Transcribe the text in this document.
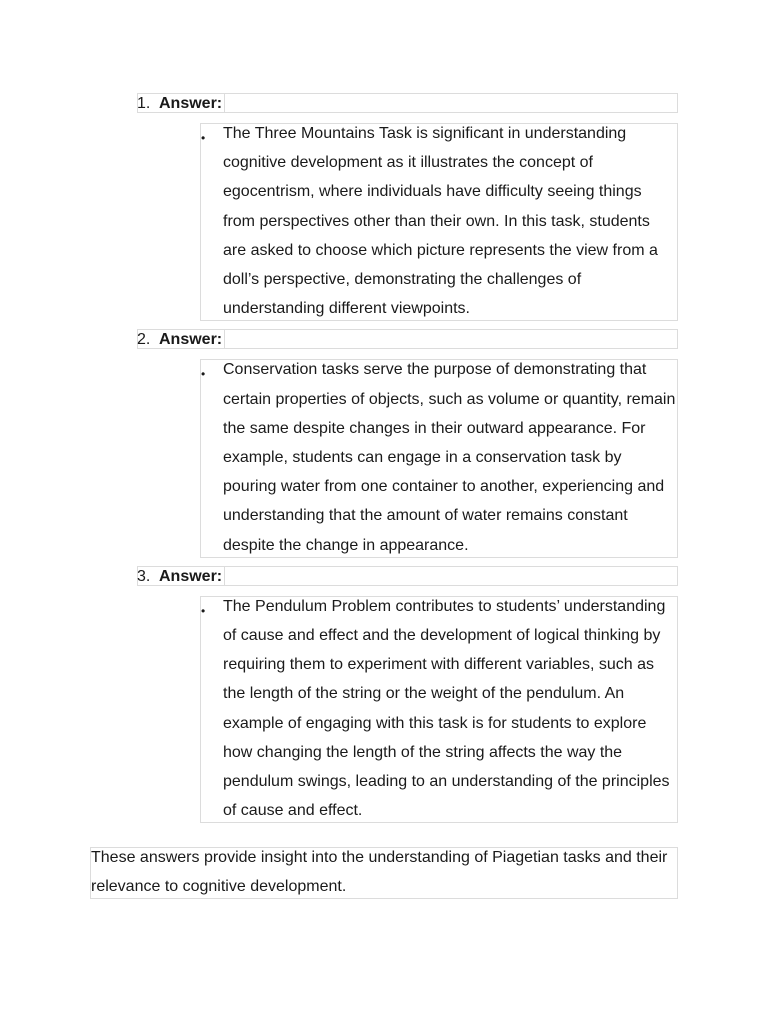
1. Answer:
•	The Three Mountains Task is significant in understanding cognitive development as it illustrates the concept of egocentrism, where individuals have difficulty seeing things from perspectives other than their own. In this task, students are asked to choose which picture represents the view from a doll’s perspective, demonstrating the challenges of understanding different viewpoints.

2. Answer:
•	Conservation tasks serve the purpose of demonstrating that certain properties of objects, such as volume or quantity, remain the same despite changes in their outward appearance. For example, students can engage in a conservation task by pouring water from one container to another, experiencing and understanding that the amount of water remains constant despite the change in appearance.

3. Answer:
•	The Pendulum Problem contributes to students’ understanding of cause and effect and the development of logical thinking by requiring them to experiment with different variables, such as the length of the string or the weight of the pendulum. An example of engaging with this task is for students to explore how changing the length of the string affects the way the pendulum swings, leading to an understanding of the principles of cause and effect.

These answers provide insight into the understanding of Piagetian tasks and their relevance to cognitive development.
